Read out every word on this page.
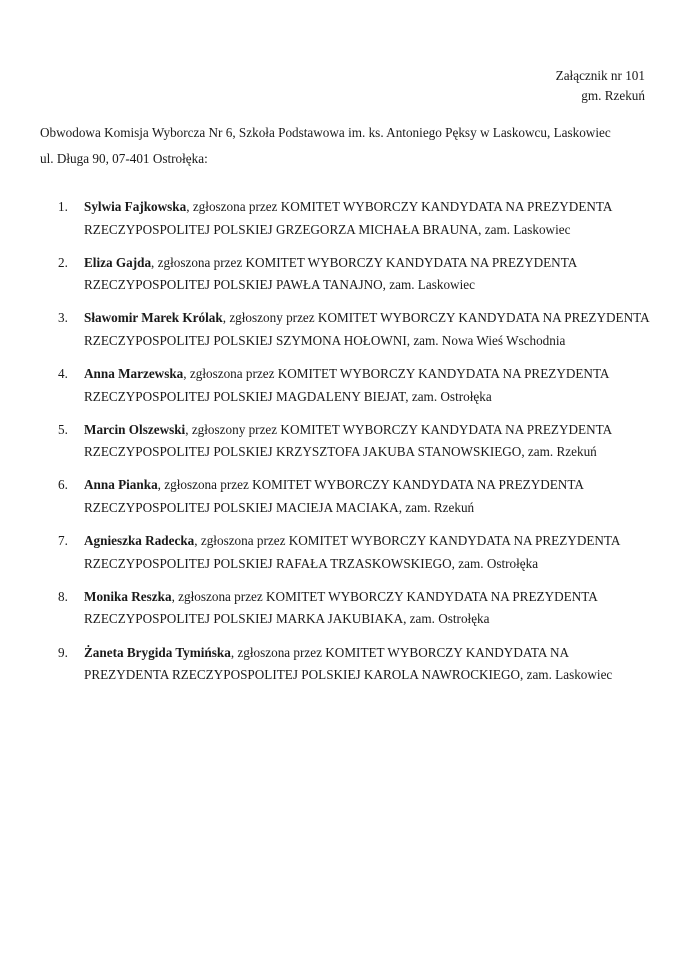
Załącznik nr 101
gm. Rzekuń
Obwodowa Komisja Wyborcza Nr 6, Szkoła Podstawowa im. ks. Antoniego Pęksy w Laskowcu, Laskowiec
ul. Długa 90, 07-401 Ostrołęka:
1.	Sylwia Fajkowska, zgłoszona przez KOMITET WYBORCZY KANDYDATA NA PREZYDENTA RZECZYPOSPOLITEJ POLSKIEJ GRZEGORZA MICHAŁA BRAUNA, zam. Laskowiec
2.	Eliza Gajda, zgłoszona przez KOMITET WYBORCZY KANDYDATA NA PREZYDENTA RZECZYPOSPOLITEJ POLSKIEJ PAWŁA TANAJNO, zam. Laskowiec
3.	Sławomir Marek Królak, zgłoszony przez KOMITET WYBORCZY KANDYDATA NA PREZYDENTA RZECZYPOSPOLITEJ POLSKIEJ SZYMONA HOŁOWNI, zam. Nowa Wieś Wschodnia
4.	Anna Marzewska, zgłoszona przez KOMITET WYBORCZY KANDYDATA NA PREZYDENTA RZECZYPOSPOLITEJ POLSKIEJ MAGDALENY BIEJAT, zam. Ostrołęka
5.	Marcin Olszewski, zgłoszony przez KOMITET WYBORCZY KANDYDATA NA PREZYDENTA RZECZYPOSPOLITEJ POLSKIEJ KRZYSZTOFA JAKUBA STANOWSKIEGO, zam. Rzekuń
6.	Anna Pianka, zgłoszona przez KOMITET WYBORCZY KANDYDATA NA PREZYDENTA RZECZYPOSPOLITEJ POLSKIEJ MACIEJA MACIAKA, zam. Rzekuń
7.	Agnieszka Radecka, zgłoszona przez KOMITET WYBORCZY KANDYDATA NA PREZYDENTA RZECZYPOSPOLITEJ POLSKIEJ RAFAŁA TRZASKOWSKIEGO, zam. Ostrołęka
8.	Monika Reszka, zgłoszona przez KOMITET WYBORCZY KANDYDATA NA PREZYDENTA RZECZYPOSPOLITEJ POLSKIEJ MARKA JAKUBIAKA, zam. Ostrołęka
9.	Żaneta Brygida Tymińska, zgłoszona przez KOMITET WYBORCZY KANDYDATA NA PREZYDENTA RZECZYPOSPOLITEJ POLSKIEJ KAROLA NAWROCKIEGO, zam. Laskowiec
